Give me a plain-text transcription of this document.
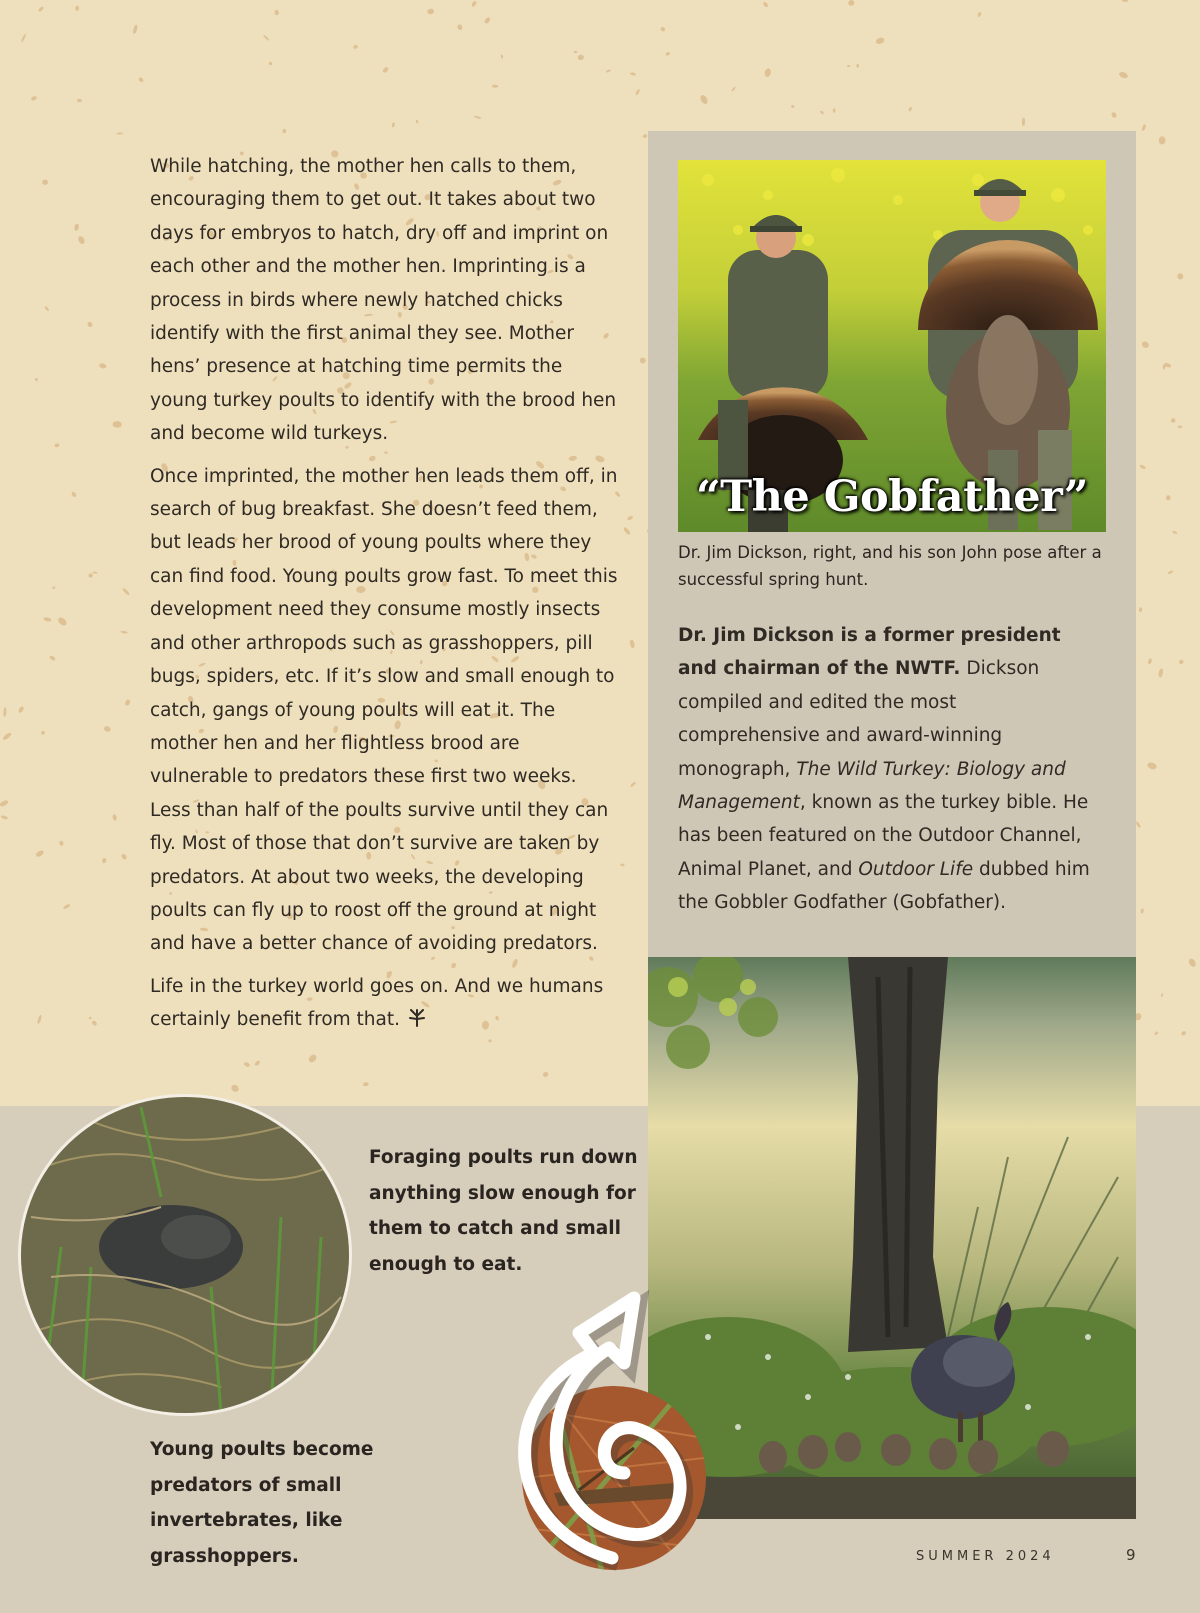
While hatching, the mother hen calls to them, encouraging them to get out. It takes about two days for embryos to hatch, dry off and imprint on each other and the mother hen. Imprinting is a process in birds where newly hatched chicks identify with the first animal they see. Mother hens’ presence at hatching time permits the young turkey poults to identify with the brood hen and become wild turkeys.

Once imprinted, the mother hen leads them off, in search of bug breakfast. She doesn’t feed them, but leads her brood of young poults where they can find food. Young poults grow fast. To meet this development need they consume mostly insects and other arthropods such as grasshoppers, pill bugs, spiders, etc. If it’s slow and small enough to catch, gangs of young poults will eat it. The mother hen and her flightless brood are vulnerable to predators these first two weeks. Less than half of the poults survive until they can fly. Most of those that don’t survive are taken by predators. At about two weeks, the developing poults can fly up to roost off the ground at night and have a better chance of avoiding predators.

Life in the turkey world goes on. And we humans certainly benefit from that.

“The Gobfather”
Dr. Jim Dickson, right, and his son John pose after a successful spring hunt.
Dr. Jim Dickson is a former president and chairman of the NWTF. Dickson compiled and edited the most comprehensive and award-winning monograph, The Wild Turkey: Biology and Management, known as the turkey bible. He has been featured on the Outdoor Channel, Animal Planet, and Outdoor Life dubbed him the Gobbler Godfather (Gobfather).
Foraging poults run down anything slow enough for them to catch and small enough to eat.
Young poults become predators of small invertebrates, like grasshoppers.	SUMMER 2024	9
